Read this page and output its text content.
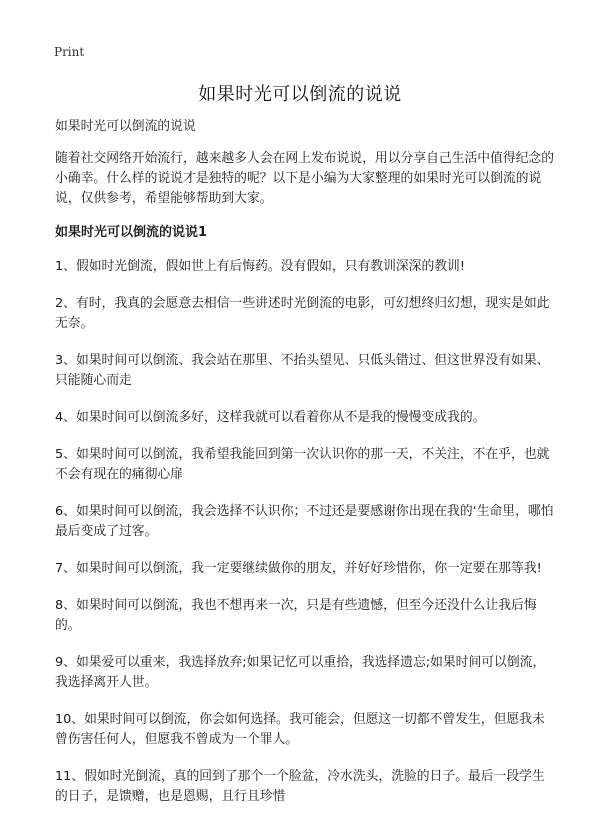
Print
如果时光可以倒流的说说

如果时光可以倒流的说说

随着社交网络开始流行，越来越多人会在网上发布说说，用以分享自己生活中值得纪念的小确幸。什么样的说说才是独特的呢？以下是小编为大家整理的如果时光可以倒流的说说，仅供参考，希望能够帮助到大家。

如果时光可以倒流的说说1

1、假如时光倒流，假如世上有后悔药。没有假如，只有教训深深的教训!

2、有时，我真的会愿意去相信一些讲述时光倒流的电影，可幻想终归幻想，现实是如此无奈。

3、如果时间可以倒流、我会站在那里、不抬头望见、只低头错过、但这世界没有如果、只能随心而走

4、如果时间可以倒流多好，这样我就可以看着你从不是我的慢慢变成我的。

5、如果时间可以倒流，我希望我能回到第一次认识你的那一天，不关注，不在乎，也就不会有现在的痛彻心扉

6、如果时间可以倒流，我会选择不认识你；不过还是要感谢你出现在我的‘生命里，哪怕最后变成了过客。

7、如果时间可以倒流，我一定要继续做你的朋友，并好好珍惜你，你一定要在那等我!

8、如果时间可以倒流，我也不想再来一次，只是有些遗憾，但至今还没什么让我后悔的。

9、如果爱可以重来，我选择放弃;如果记忆可以重拾，我选择遗忘;如果时间可以倒流，我选择离开人世。

10、如果时间可以倒流，你会如何选择。我可能会，但愿这一切都不曾发生，但愿我未曾伤害任何人，但愿我不曾成为一个罪人。

11、假如时光倒流，真的回到了那个一个脸盆，冷水洗头，洗脸的日子。最后一段学生的日子，是馈赠，也是恩赐，且行且珍惜
